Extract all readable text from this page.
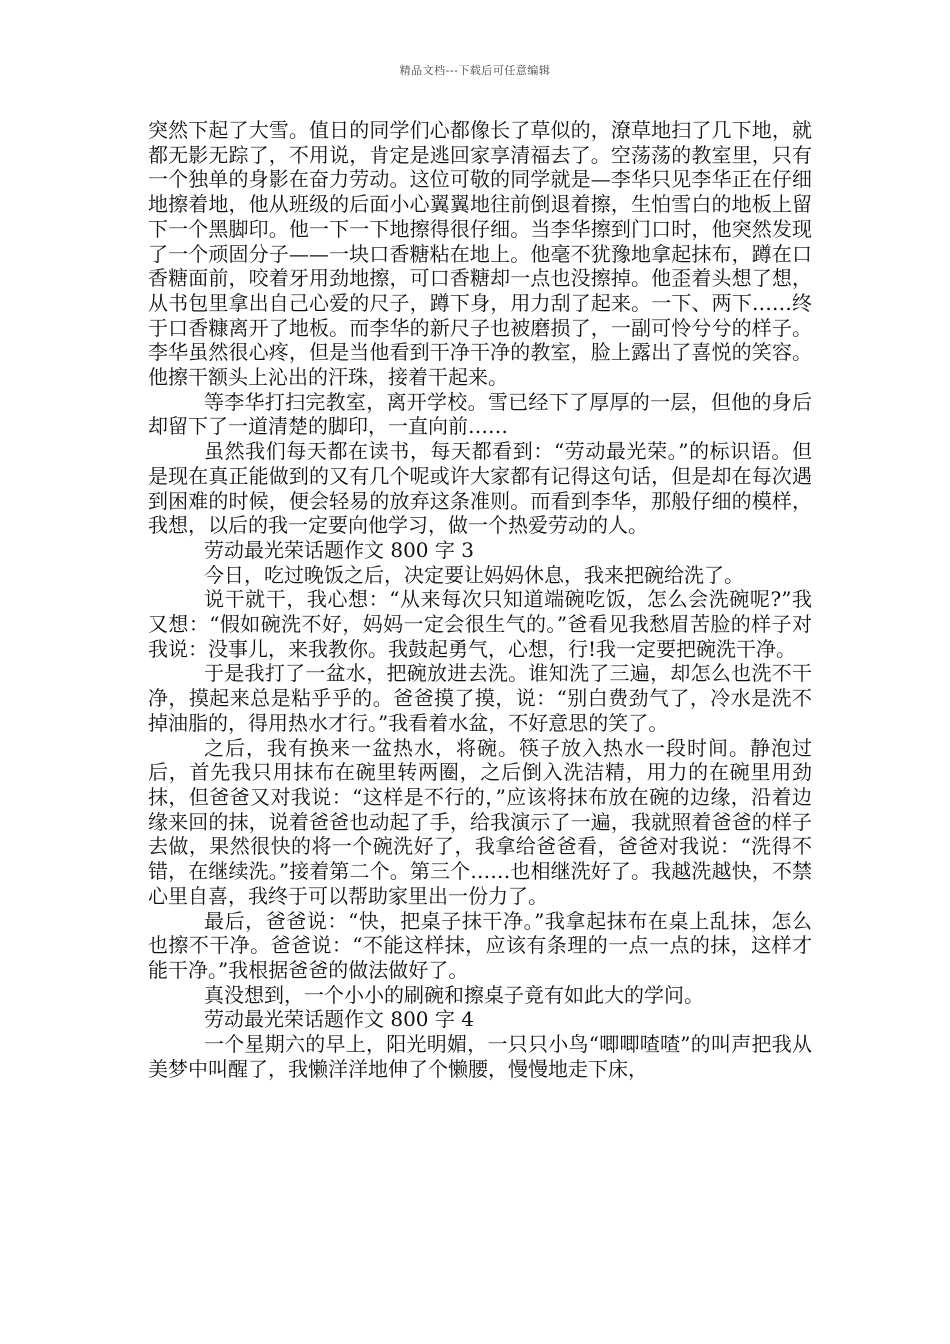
精品文档---下载后可任意编辑

突然下起了大雪。值日的同学们心都像长了草似的，潦草地扫了几下地，就都无影无踪了，不用说，肯定是逃回家享清福去了。空荡荡的教室里，只有一个独单的身影在奋力劳动。这位可敬的同学就是—李华只见李华正在仔细地擦着地，他从班级的后面小心翼翼地往前倒退着擦，生怕雪白的地板上留下一个黑脚印。他一下一下地擦得很仔细。当李华擦到门口时，他突然发现了一个顽固分子——一块口香糖粘在地上。他毫不犹豫地拿起抹布，蹲在口香糖面前，咬着牙用劲地擦，可口香糖却一点也没擦掉。他歪着头想了想，从书包里拿出自己心爱的尺子，蹲下身，用力刮了起来。一下、两下……终于口香糠离开了地板。而李华的新尺子也被磨损了，一副可怜兮兮的样子。李华虽然很心疼，但是当他看到干净干净的教室，脸上露出了喜悦的笑容。他擦干额头上沁出的汗珠，接着干起来。

等李华打扫完教室，离开学校。雪已经下了厚厚的一层，但他的身后却留下了一道清楚的脚印，一直向前……

虽然我们每天都在读书，每天都看到：“劳动最光荣。”的标识语。但是现在真正能做到的又有几个呢或许大家都有记得这句话，但是却在每次遇到困难的时候，便会轻易的放弃这条准则。而看到李华，那般仔细的模样，我想，以后的我一定要向他学习，做一个热爱劳动的人。

劳动最光荣话题作文 800 字 3

今日，吃过晚饭之后，决定要让妈妈休息，我来把碗给洗了。

说干就干，我心想：“从来每次只知道端碗吃饭，怎么会洗碗呢?”我又想：“假如碗洗不好，妈妈一定会很生气的。”爸看见我愁眉苦脸的样子对我说：没事儿，来我教你。我鼓起勇气，心想，行!我一定要把碗洗干净。

于是我打了一盆水，把碗放进去洗。谁知洗了三遍，却怎么也洗不干净，摸起来总是粘乎乎的。爸爸摸了摸，说：“别白费劲气了，冷水是洗不掉油脂的，得用热水才行。”我看着水盆，不好意思的笑了。

之后，我有换来一盆热水，将碗。筷子放入热水一段时间。静泡过后，首先我只用抹布在碗里转两圈，之后倒入洗洁精，用力的在碗里用劲抹，但爸爸又对我说：“这样是不行的，”应该将抹布放在碗的边缘，沿着边缘来回的抹，说着爸爸也动起了手，给我演示了一遍，我就照着爸爸的样子去做，果然很快的将一个碗洗好了，我拿给爸爸看，爸爸对我说：“洗得不错，在继续洗。”接着第二个。第三个……也相继洗好了。我越洗越快，不禁心里自喜，我终于可以帮助家里出一份力了。

最后，爸爸说：“快，把桌子抹干净。”我拿起抹布在桌上乱抹，怎么也擦不干净。爸爸说：“不能这样抹，应该有条理的一点一点的抹，这样才能干净。”我根据爸爸的做法做好了。

真没想到，一个小小的刷碗和擦桌子竟有如此大的学问。

劳动最光荣话题作文 800 字 4

一个星期六的早上，阳光明媚，一只只小鸟“唧唧喳喳”的叫声把我从美梦中叫醒了，我懒洋洋地伸了个懒腰，慢慢地走下床，
